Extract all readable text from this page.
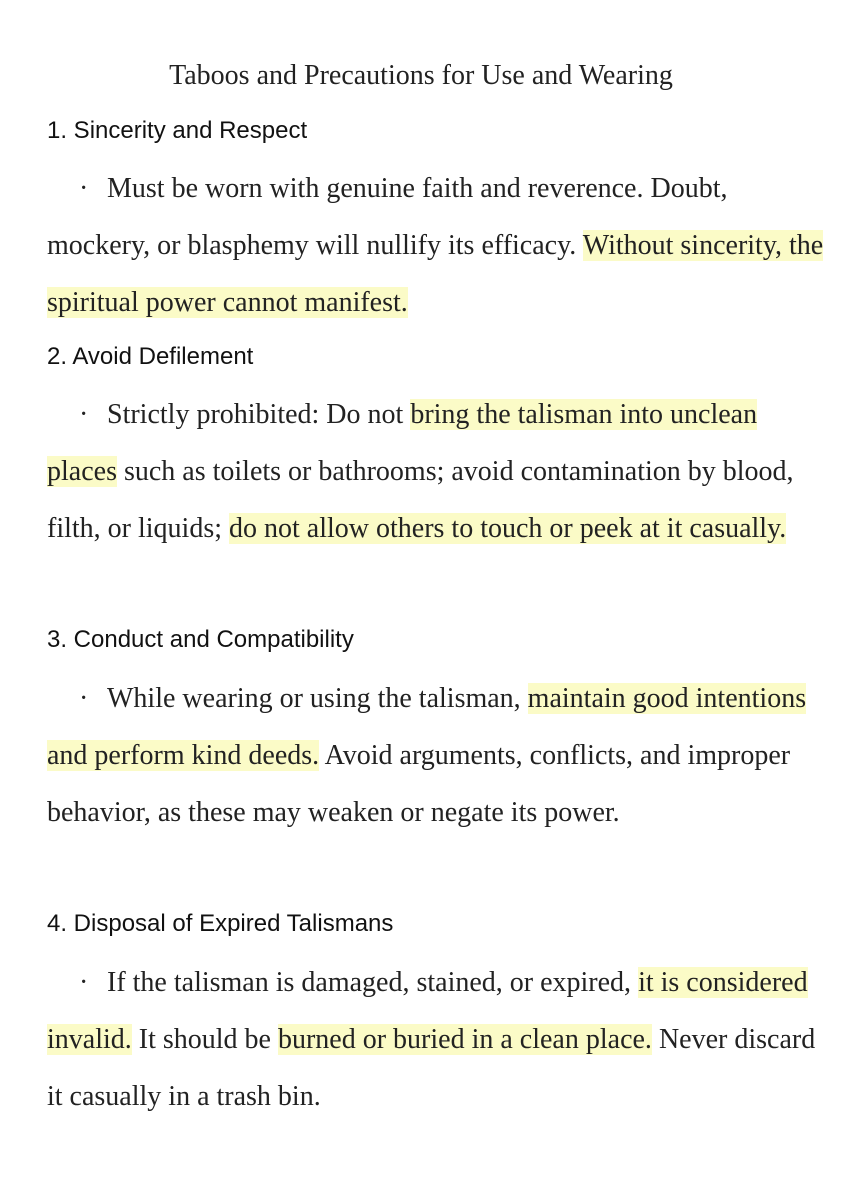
Taboos and Precautions for Use and Wearing
1. Sincerity and Respect
· Must be worn with genuine faith and reverence. Doubt, mockery, or blasphemy will nullify its efficacy. Without sincerity, the spiritual power cannot manifest.
2. Avoid Defilement
· Strictly prohibited: Do not bring the talisman into unclean places such as toilets or bathrooms; avoid contamination by blood, filth, or liquids; do not allow others to touch or peek at it casually.
3. Conduct and Compatibility
· While wearing or using the talisman, maintain good intentions and perform kind deeds. Avoid arguments, conflicts, and improper behavior, as these may weaken or negate its power.
4. Disposal of Expired Talismans
· If the talisman is damaged, stained, or expired, it is considered invalid. It should be burned or buried in a clean place. Never discard it casually in a trash bin.
